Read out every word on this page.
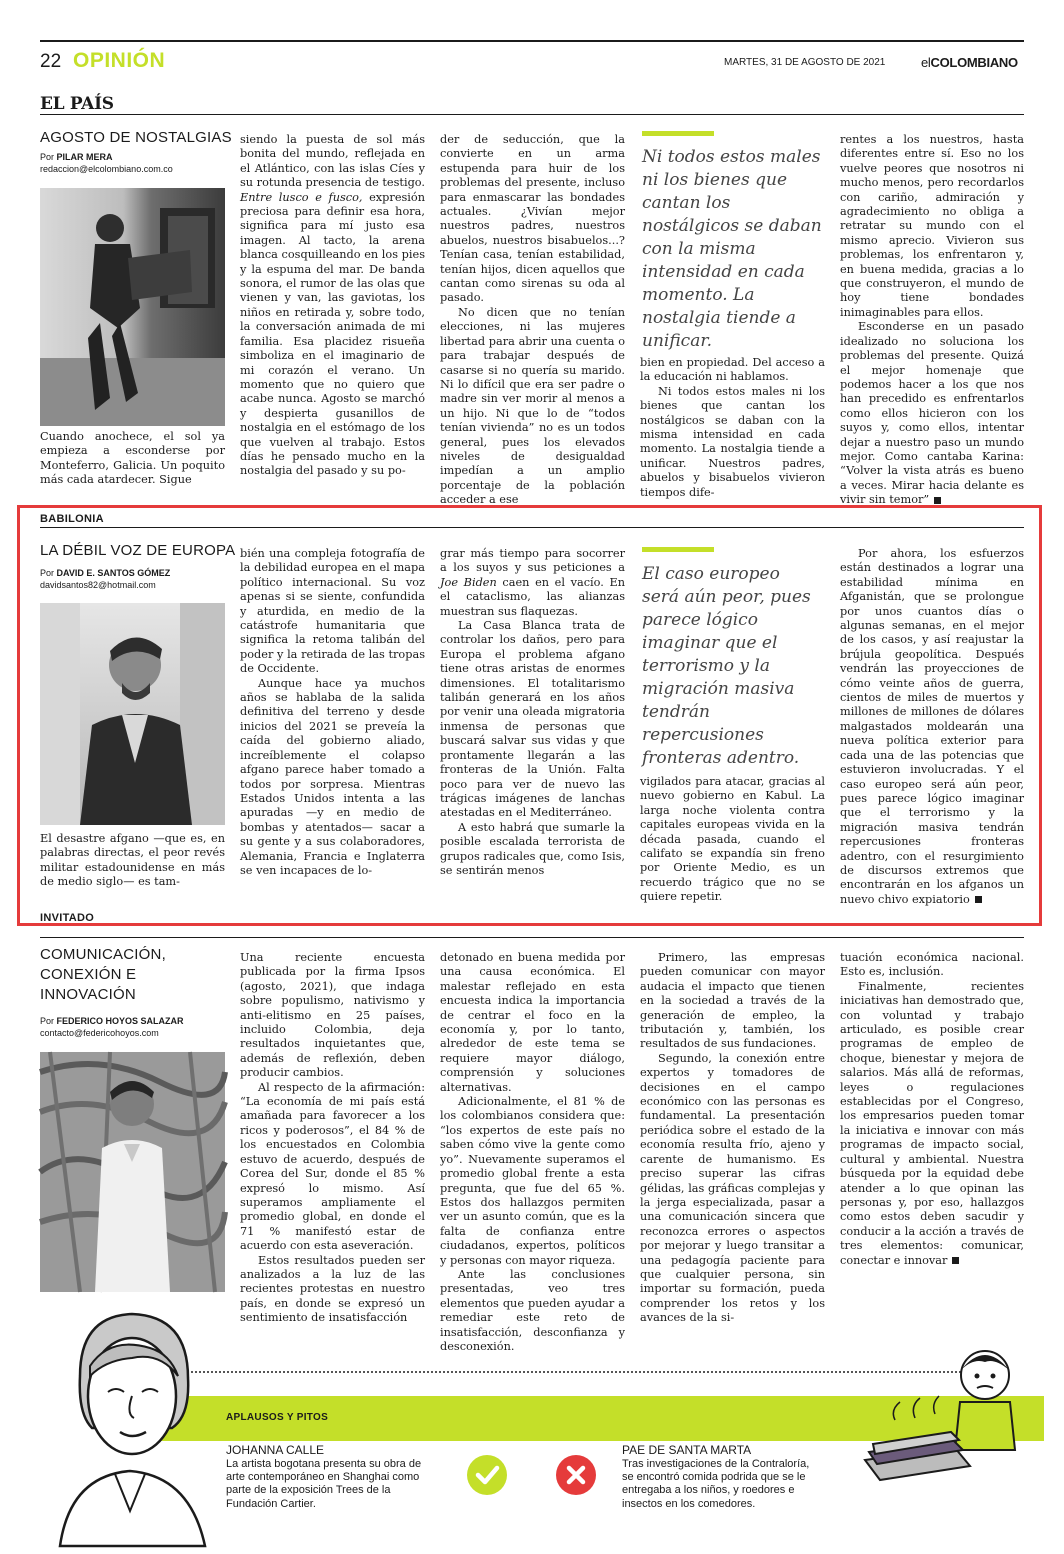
22 OPINIÓN	MARTES, 31 DE AGOSTO DE 2021	elCOLOMBIANO
EL PAÍS
AGOSTO DE NOSTALGIAS
Por PILAR MERA
redaccion@elcolombiano.com.co

Cuando anochece, el sol ya empieza a esconderse por Monteferro, Galicia. Un poquito más cada atardecer. Sigue

siendo la puesta de sol más bonita del mundo, reflejada en el Atlántico, con las islas Cíes y su rotunda presencia de testigo. Entre lusco e fusco, expresión preciosa para definir esa hora, significa para mí justo esa imagen. Al tacto, la arena blanca cosquilleando en los pies y la espuma del mar. De banda sonora, el rumor de las olas que vienen y van, las gaviotas, los niños en retirada y, sobre todo, la conversación animada de mi familia. Esa placidez risueña simboliza en el imaginario de mi corazón el verano. Un momento que no quiero que acabe nunca. Agosto se marchó y despierta gusanillos de nostalgia en el estómago de los que vuelven al trabajo. Estos días he pensado mucho en la nostalgia del pasado y su po-

der de seducción, que la convierte en un arma estupenda para huir de los problemas del presente, incluso para enmascarar las bondades actuales. ¿Vivían mejor nuestros padres, nuestros abuelos, nuestros bisabuelos...? Tenían casa, tenían estabilidad, tenían hijos, dicen aquellos que cantan como sirenas su oda al pasado.

No dicen que no tenían elecciones, ni las mujeres libertad para abrir una cuenta o para trabajar después de casarse si no quería su marido. Ni lo difícil que era ser padre o madre sin ver morir al menos a un hijo. Ni que lo de “todos tenían vivienda” no es un todos general, pues los elevados niveles de desigualdad impedían a un amplio porcentaje de la población acceder a ese

Ni todos estos males ni los bienes que cantan los nostálgicos se daban con la misma intensidad en cada momento. La nostalgia tiende a unificar.

bien en propiedad. Del acceso a la educación ni hablamos.

Ni todos estos males ni los bienes que cantan los nostálgicos se daban con la misma intensidad en cada momento. La nostalgia tiende a unificar. Nuestros padres, abuelos y bisabuelos vivieron tiempos dife-

rentes a los nuestros, hasta diferentes entre sí. Eso no los vuelve peores que nosotros ni mucho menos, pero recordarlos con cariño, admiración y agradecimiento no obliga a retratar su mundo con el mismo aprecio. Vivieron sus problemas, los enfrentaron y, en buena medida, gracias a lo que construyeron, el mundo de hoy tiene bondades inimaginables para ellos.

Esconderse en un pasado idealizado no soluciona los problemas del presente. Quizá el mejor homenaje que podemos hacer a los que nos han precedido es enfrentarlos como ellos hicieron con los suyos y, como ellos, intentar dejar a nuestro paso un mundo mejor. Como cantaba Karina: “Volver la vista atrás es bueno a veces. Mirar hacia delante es vivir sin temor”

BABILONIA
LA DÉBIL VOZ DE EUROPA
Por DAVID E. SANTOS GÓMEZ
davidsantos82@hotmail.com

El desastre afgano —que es, en palabras directas, el peor revés militar estadounidense en más de medio siglo— es tam-

bién una compleja fotografía de la debilidad europea en el mapa político internacional. Su voz apenas si se siente, confundida y aturdida, en medio de la catástrofe humanitaria que significa la retoma talibán del poder y la retirada de las tropas de Occidente.

Aunque hace ya muchos años se hablaba de la salida definitiva del terreno y desde inicios del 2021 se preveía la caída del gobierno aliado, increíblemente el colapso afgano parece haber tomado a todos por sorpresa. Mientras Estados Unidos intenta a las apuradas —y en medio de bombas y atentados— sacar a su gente y a sus colaboradores, Alemania, Francia e Inglaterra se ven incapaces de lo-

grar más tiempo para socorrer a los suyos y sus peticiones a Joe Biden caen en el vacío. En el cataclismo, las alianzas muestran sus flaquezas.

La Casa Blanca trata de controlar los daños, pero para Europa el problema afgano tiene otras aristas de enormes dimensiones. El totalitarismo talibán generará en los años por venir una oleada migratoria inmensa de personas que buscará salvar sus vidas y que prontamente llegarán a las fronteras de la Unión. Falta poco para ver de nuevo las trágicas imágenes de lanchas atestadas en el Mediterráneo.

A esto habrá que sumarle la posible escalada terrorista de grupos radicales que, como Isis, se sentirán menos

El caso europeo será aún peor, pues parece lógico imaginar que el terrorismo y la migración masiva tendrán repercusiones fronteras adentro.

vigilados para atacar, gracias al nuevo gobierno en Kabul. La larga noche violenta contra capitales europeas vivida en la década pasada, cuando el califato se expandía sin freno por Oriente Medio, es un recuerdo trágico que no se quiere repetir.

Por ahora, los esfuerzos están destinados a lograr una estabilidad mínima en Afganistán, que se prolongue por unos cuantos días o algunas semanas, en el mejor de los casos, y así reajustar la brújula geopolítica. Después vendrán las proyecciones de cómo veinte años de guerra, cientos de miles de muertos y millones de millones de dólares malgastados moldearán una nueva política exterior para cada una de las potencias que estuvieron involucradas. Y el caso europeo será aún peor, pues parece lógico imaginar que el terrorismo y la migración masiva tendrán repercusiones fronteras adentro, con el resurgimiento de discursos extremos que encontrarán en los afganos un nuevo chivo expiatorio

INVITADO
COMUNICACIÓN, CONEXIÓN E INNOVACIÓN
Por FEDERICO HOYOS SALAZAR
contacto@federicohoyos.com

Una reciente encuesta publicada por la firma Ipsos (agosto, 2021), que indaga sobre populismo, nativismo y anti-elitismo en 25 países, incluido Colombia, deja resultados inquietantes que, además de reflexión, deben producir cambios.

Al respecto de la afirmación: “La economía de mi país está amañada para favorecer a los ricos y poderosos”, el 84 % de los encuestados en Colombia estuvo de acuerdo, después de Corea del Sur, donde el 85 % expresó lo mismo. Así superamos ampliamente el promedio global, en donde el 71 % manifestó estar de acuerdo con esta aseveración.

Estos resultados pueden ser analizados a la luz de las recientes protestas en nuestro país, en donde se expresó un sentimiento de insatisfacción

detonado en buena medida por una causa económica. El malestar reflejado en esta encuesta indica la importancia de centrar el foco en la economía y, por lo tanto, alrededor de este tema se requiere mayor diálogo, comprensión y soluciones alternativas.

Adicionalmente, el 81 % de los colombianos considera que: “los expertos de este país no saben cómo vive la gente como yo”. Nuevamente superamos el promedio global frente a esta pregunta, que fue del 65 %. Estos dos hallazgos permiten ver un asunto común, que es la falta de confianza entre ciudadanos, expertos, políticos y personas con mayor riqueza.

Ante las conclusiones presentadas, veo tres elementos que pueden ayudar a remediar este reto de insatisfacción, desconfianza y desconexión.

Primero, las empresas pueden comunicar con mayor audacia el impacto que tienen en la sociedad a través de la generación de empleo, la tributación y, también, los resultados de sus fundaciones.

Segundo, la conexión entre expertos y tomadores de decisiones en el campo económico con las personas es fundamental. La presentación periódica sobre el estado de la economía resulta frío, ajeno y carente de humanismo. Es preciso superar las cifras gélidas, las gráficas complejas y la jerga especializada, pasar a una comunicación sincera que reconozca errores o aspectos por mejorar y luego transitar a una pedagogía paciente para que cualquier persona, sin importar su formación, pueda comprender los retos y los avances de la si-

tuación económica nacional. Esto es, inclusión.

Finalmente, recientes iniciativas han demostrado que, con voluntad y trabajo articulado, es posible crear programas de empleo de choque, bienestar y mejora de salarios. Más allá de reformas, leyes o regulaciones establecidas por el Congreso, los empresarios pueden tomar la iniciativa e innovar con más programas de impacto social, cultural y ambiental. Nuestra búsqueda por la equidad debe atender a lo que opinan las personas y, por eso, hallazgos como estos deben sacudir y conducir a la acción a través de tres elementos: comunicar, conectar e innovar

APLAUSOS Y PITOS
JOHANNA CALLE
La artista bogotana presenta su obra de arte contemporáneo en Shanghai como parte de la exposición Trees de la Fundación Cartier.
PAE DE SANTA MARTA
Tras investigaciones de la Contraloría, se encontró comida podrida que se le entregaba a los niños, y roedores e insectos en los comedores.
